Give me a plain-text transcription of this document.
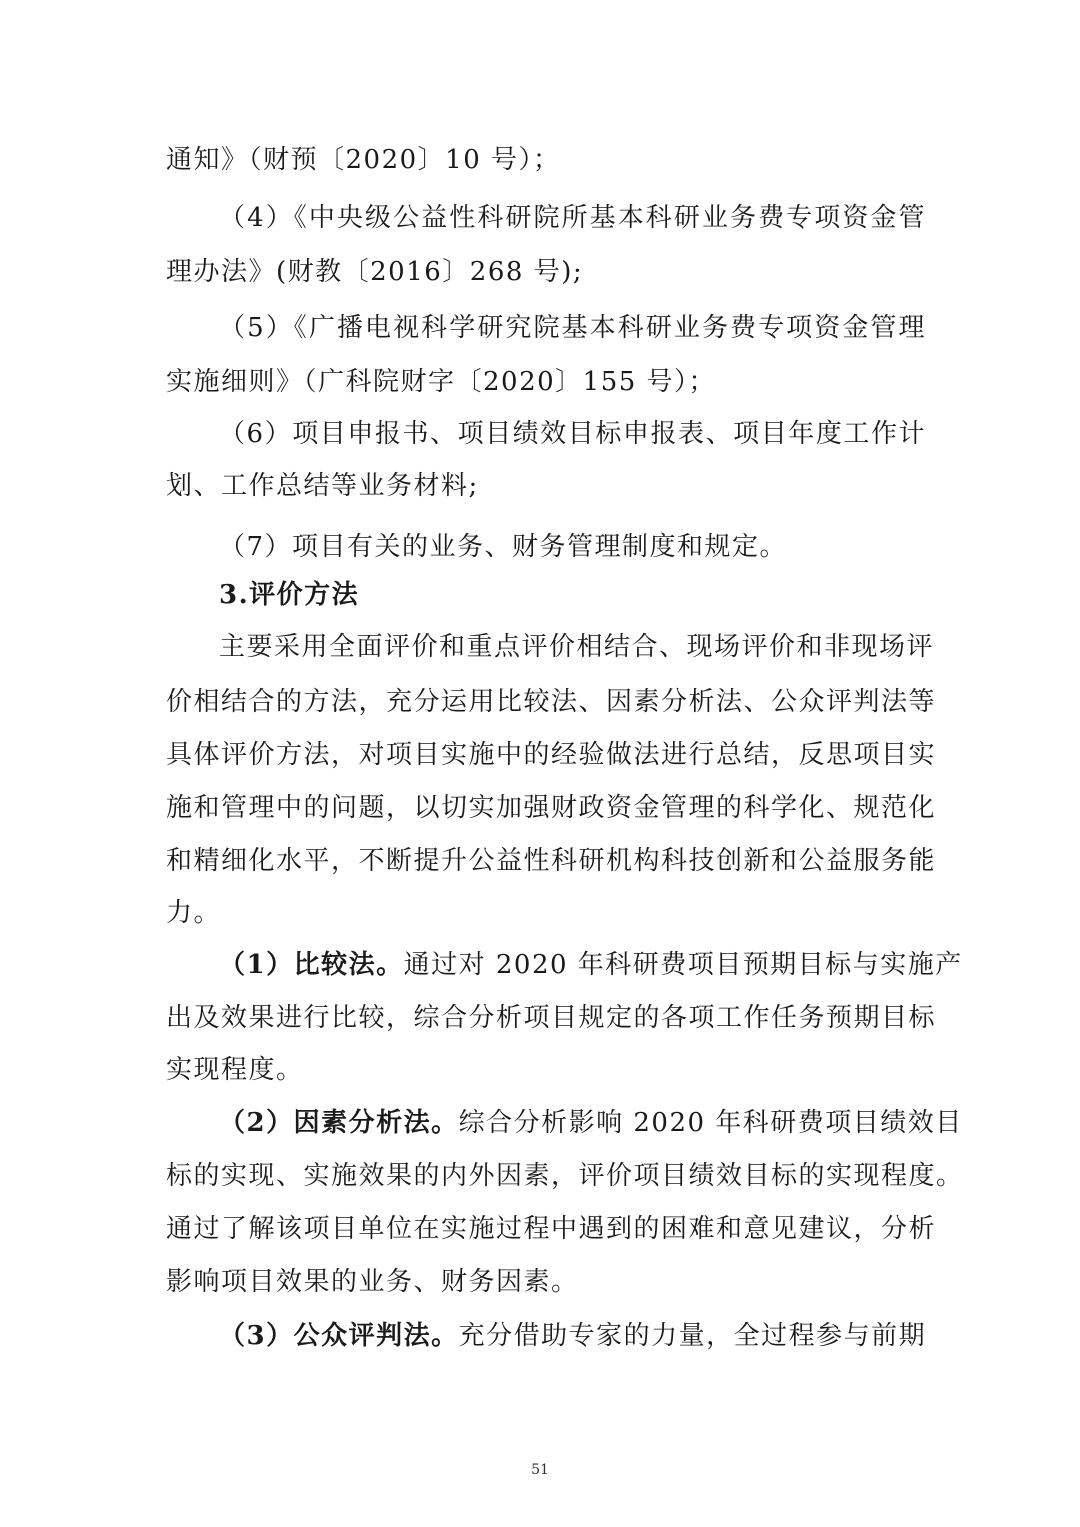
通知》（财预〔2020〕10 号）；
（4）《中央级公益性科研院所基本科研业务费专项资金管
理办法》(财教〔2016〕268 号);
（5）《广播电视科学研究院基本科研业务费专项资金管理
实施细则》（广科院财字〔2020〕155 号）；
（6）项目申报书、项目绩效目标申报表、项目年度工作计
划、工作总结等业务材料;
（7）项目有关的业务、财务管理制度和规定。
3.评价方法
主要采用全面评价和重点评价相结合、现场评价和非现场评
价相结合的方法，充分运用比较法、因素分析法、公众评判法等
具体评价方法，对项目实施中的经验做法进行总结，反思项目实
施和管理中的问题，以切实加强财政资金管理的科学化、规范化
和精细化水平，不断提升公益性科研机构科技创新和公益服务能
力。
（1）比较法。通过对 2020 年科研费项目预期目标与实施产
出及效果进行比较，综合分析项目规定的各项工作任务预期目标
实现程度。
（2）因素分析法。综合分析影响 2020 年科研费项目绩效目
标的实现、实施效果的内外因素，评价项目绩效目标的实现程度。
通过了解该项目单位在实施过程中遇到的困难和意见建议，分析
影响项目效果的业务、财务因素。
（3）公众评判法。充分借助专家的力量，全过程参与前期
51
